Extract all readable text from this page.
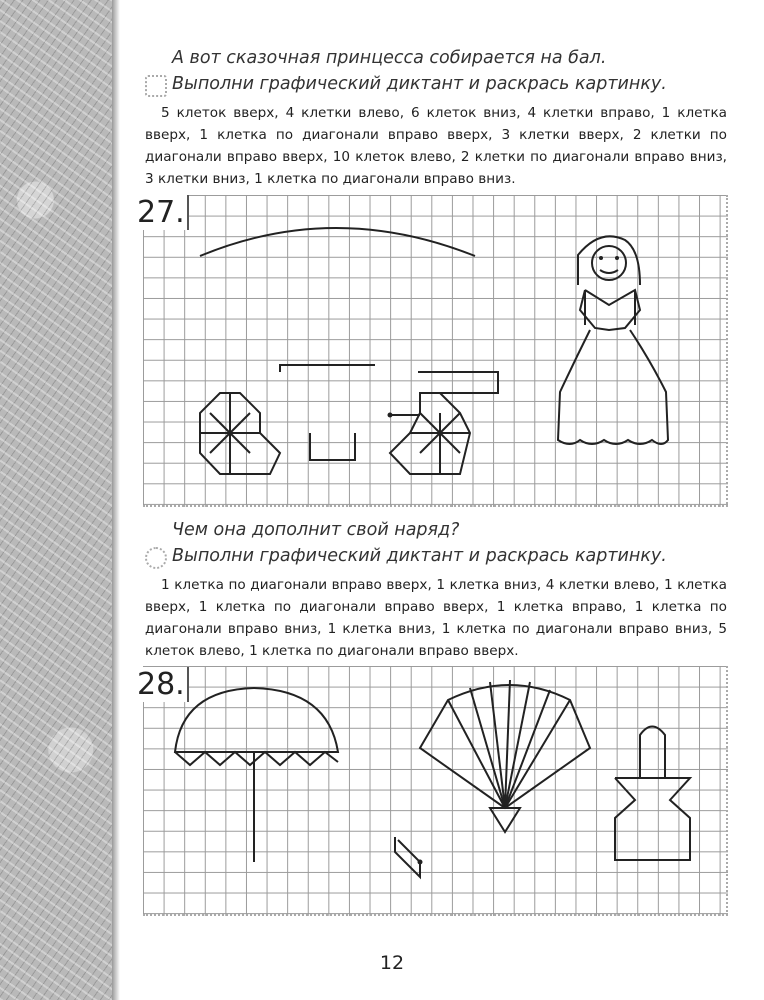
А вот сказочная принцесса собирается на бал.
Выполни графический диктант и раскрась картинку.
5 клеток вверх, 4 клетки влево, 6 клеток вниз, 4 клетки вправо, 1 клетка вверх, 1 клетка по диагонали вправо вверх, 3 клетки вверх, 2 клетки по диагонали вправо вверх, 10 клеток влево, 2 клетки по диагонали вправо вниз, 3 клетки вниз, 1 клетка по диагонали вправо вниз.
27.
Чем она дополнит свой наряд?
Выполни графический диктант и раскрась картинку.
1 клетка по диагонали вправо вверх, 1 клетка вниз, 4 клетки влево, 1 клетка вверх, 1 клетка по диагонали вправо вверх, 1 клетка вправо, 1 клетка по диагонали вправо вниз, 1 клетка вниз, 1 клетка по диагонали вправо вниз, 5 клеток влево, 1 клетка по диагонали вправо вверх.
28.
12
